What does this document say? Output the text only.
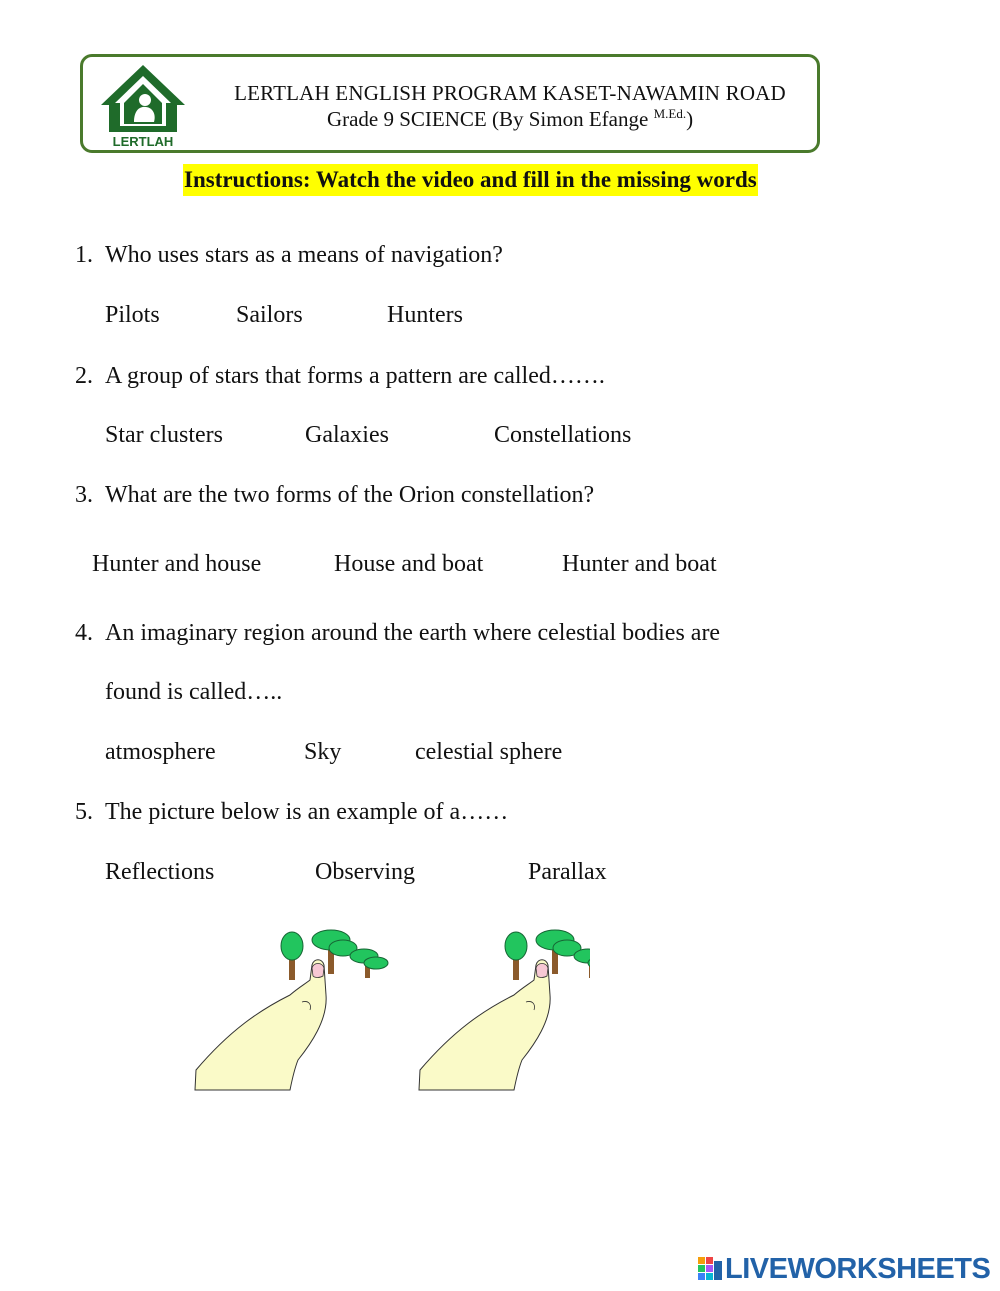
LERTLAH
LERTLAH ENGLISH PROGRAM KASET-NAWAMIN ROAD
Grade 9 SCIENCE (By Simon Efange $^{M.Ed.}$)
Instructions: Watch the video and fill in the missing words
1. Who uses stars as a means of navigation?
Pilots	Sailors	Hunters
2. A group of stars that forms a pattern are called…….
Star clusters	Galaxies	Constellations
3. What are the two forms of the Orion constellation?
Hunter and house	House and boat	Hunter and boat
4. An imaginary region around the earth where celestial bodies are
found is called…..
atmosphere	Sky	celestial sphere
5. The picture below is an example of a……
Reflections	Observing	Parallax
LIVEWORKSHEETS
